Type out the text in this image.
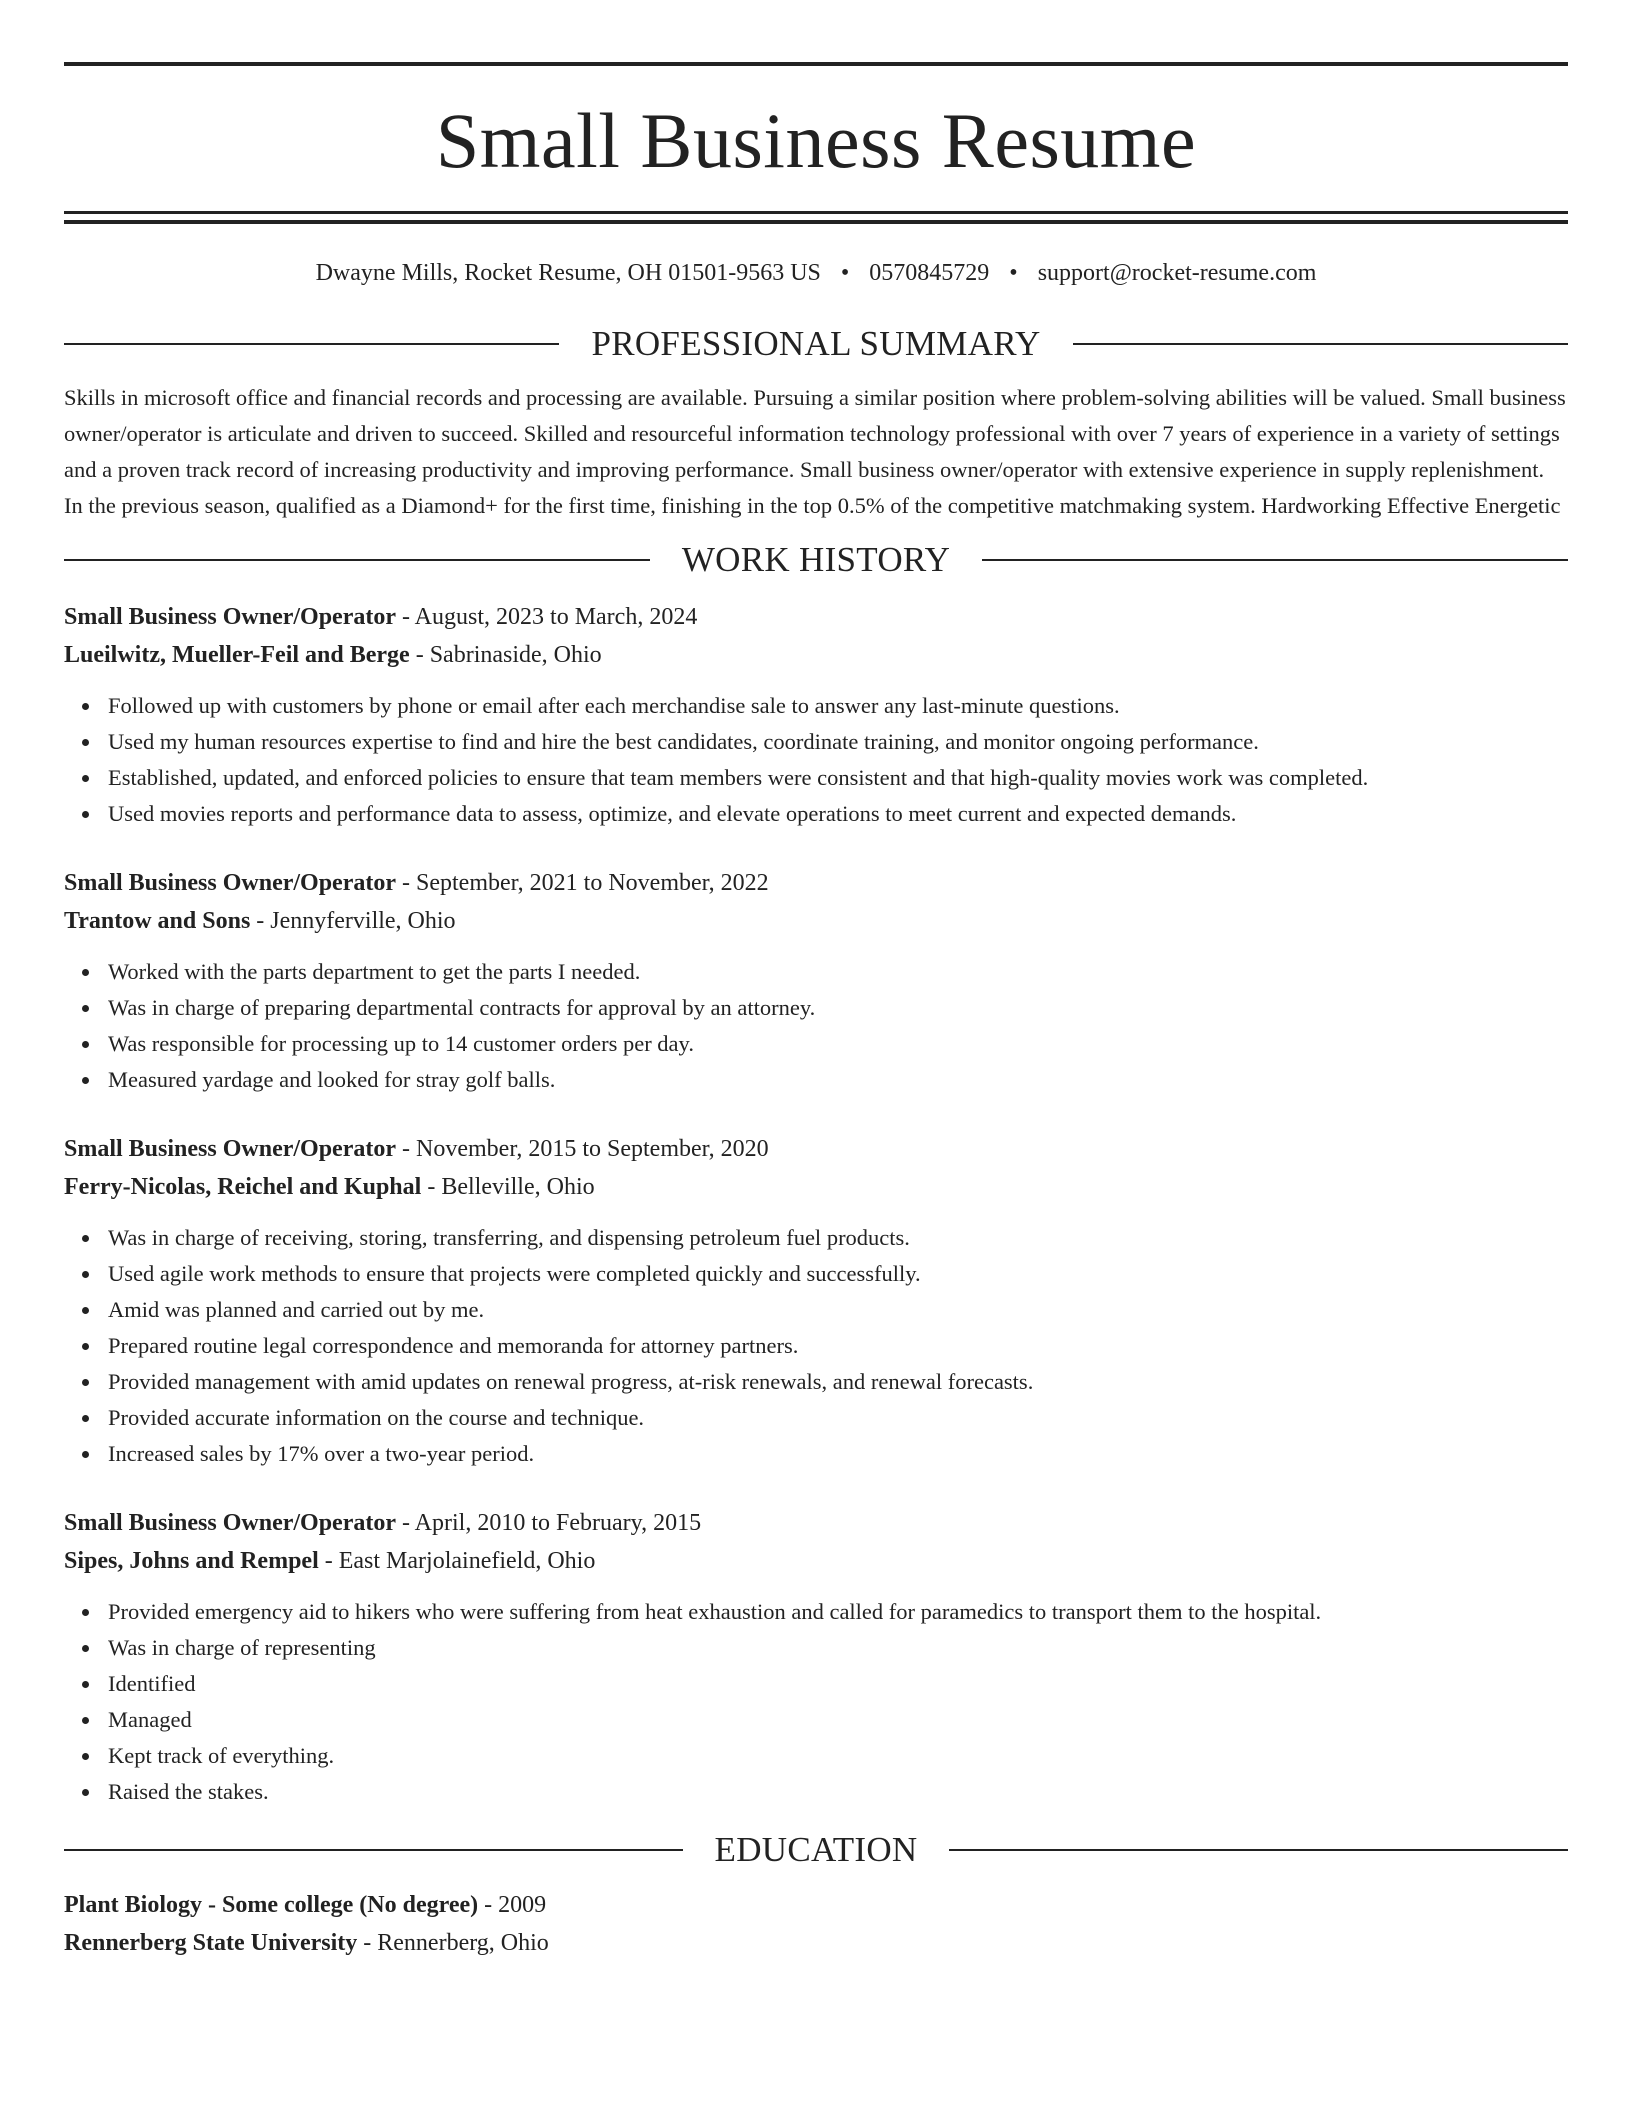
Small Business Resume
Dwayne Mills, Rocket Resume, OH 01501-9563 US • 0570845729 • support@rocket-resume.com
PROFESSIONAL SUMMARY

Skills in microsoft office and financial records and processing are available. Pursuing a similar position where problem-solving abilities will be valued. Small business owner/operator is articulate and driven to succeed. Skilled and resourceful information technology professional with over 7 years of experience in a variety of settings and a proven track record of increasing productivity and improving performance. Small business owner/operator with extensive experience in supply replenishment. In the previous season, qualified as a Diamond+ for the first time, finishing in the top 0.5% of the competitive matchmaking system. Hardworking Effective Energetic

WORK HISTORY

Small Business Owner/Operator - August, 2023 to March, 2024

Lueilwitz, Mueller-Feil and Berge - Sabrinaside, Ohio

Followed up with customers by phone or email after each merchandise sale to answer any last-minute questions.
Used my human resources expertise to find and hire the best candidates, coordinate training, and monitor ongoing performance.
Established, updated, and enforced policies to ensure that team members were consistent and that high-quality movies work was completed.
Used movies reports and performance data to assess, optimize, and elevate operations to meet current and expected demands.

Small Business Owner/Operator - September, 2021 to November, 2022

Trantow and Sons - Jennyferville, Ohio

Worked with the parts department to get the parts I needed.
Was in charge of preparing departmental contracts for approval by an attorney.
Was responsible for processing up to 14 customer orders per day.
Measured yardage and looked for stray golf balls.

Small Business Owner/Operator - November, 2015 to September, 2020

Ferry-Nicolas, Reichel and Kuphal - Belleville, Ohio

Was in charge of receiving, storing, transferring, and dispensing petroleum fuel products.
Used agile work methods to ensure that projects were completed quickly and successfully.
Amid was planned and carried out by me.
Prepared routine legal correspondence and memoranda for attorney partners.
Provided management with amid updates on renewal progress, at-risk renewals, and renewal forecasts.
Provided accurate information on the course and technique.
Increased sales by 17% over a two-year period.

Small Business Owner/Operator - April, 2010 to February, 2015

Sipes, Johns and Rempel - East Marjolainefield, Ohio

Provided emergency aid to hikers who were suffering from heat exhaustion and called for paramedics to transport them to the hospital.
Was in charge of representing
Identified
Managed
Kept track of everything.
Raised the stakes.
EDUCATION

Plant Biology - Some college (No degree) - 2009

Rennerberg State University - Rennerberg, Ohio
